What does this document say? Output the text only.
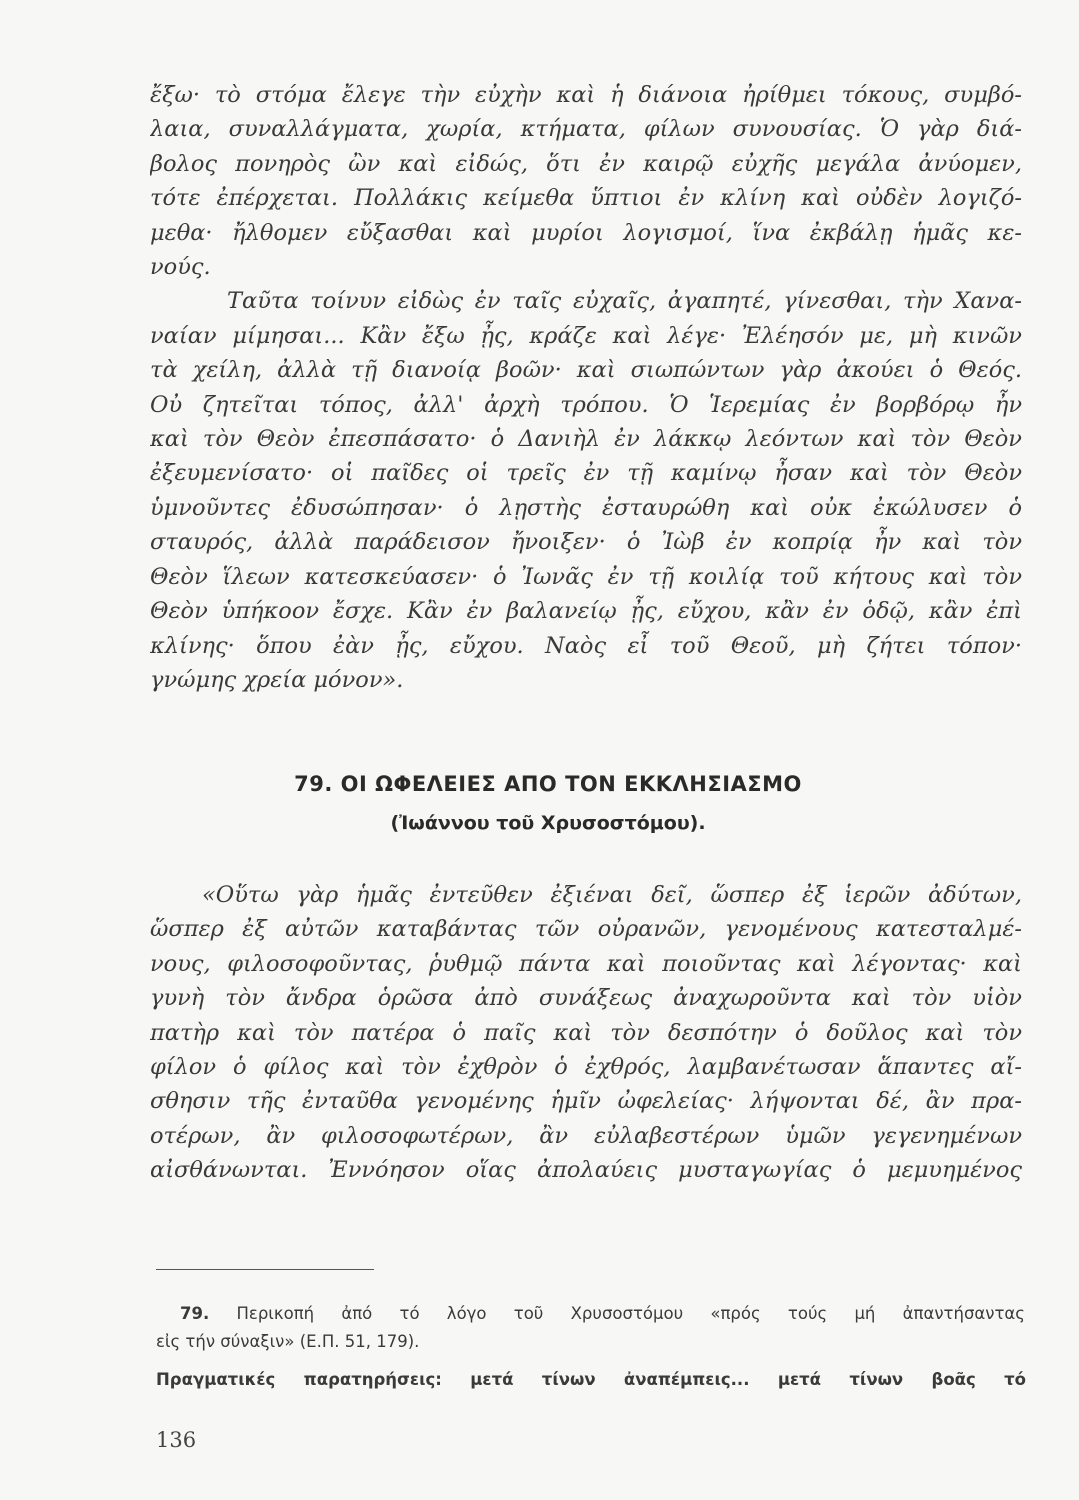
ἔξω· τὸ στόμα ἔλεγε τὴν εὐχὴν καὶ ἡ διάνοια ἠρίθμει τόκους, συμβό-
λαια, συναλλάγματα, χωρία, κτήματα, φίλων συνουσίας. Ὁ γὰρ διά-
βολος πονηρὸς ὢν καὶ εἰδώς, ὅτι ἐν καιρῷ εὐχῆς μεγάλα ἀνύομεν,
τότε ἐπέρχεται. Πολλάκις κείμεθα ὕπτιοι ἐν κλίνη καὶ οὐδὲν λογιζό-
μεθα· ἤλθομεν εὔξασθαι καὶ μυρίοι λογισμοί, ἵνα ἐκβάλῃ ἡμᾶς κε-
νούς.
Ταῦτα τοίνυν εἰδὼς ἐν ταῖς εὐχαῖς, ἀγαπητέ, γίνεσθαι, τὴν Χανα-
ναίαν μίμησαι... Κἂν ἔξω ᾖς, κράζε καὶ λέγε· Ἐλέησόν με, μὴ κινῶν
τὰ χείλη, ἀλλὰ τῇ διανοίᾳ βοῶν· καὶ σιωπώντων γὰρ ἀκούει ὁ Θεός.
Οὐ ζητεῖται τόπος, ἀλλ' ἀρχὴ τρόπου. Ὁ Ἱερεμίας ἐν βορβόρῳ ἦν
καὶ τὸν Θεὸν ἐπεσπάσατο· ὁ Δανιὴλ ἐν λάκκῳ λεόντων καὶ τὸν Θεὸν
ἐξευμενίσατο· οἱ παῖδες οἱ τρεῖς ἐν τῇ καμίνῳ ἦσαν καὶ τὸν Θεὸν
ὑμνοῦντες ἐδυσώπησαν· ὁ λῃστὴς ἐσταυρώθη καὶ οὐκ ἐκώλυσεν ὁ
σταυρός, ἀλλὰ παράδεισον ἤνοιξεν· ὁ Ἰὼβ ἐν κοπρίᾳ ἦν καὶ τὸν
Θεὸν ἵλεων κατεσκεύασεν· ὁ Ἰωνᾶς ἐν τῇ κοιλίᾳ τοῦ κήτους καὶ τὸν
Θεὸν ὑπήκοον ἔσχε. Κἂν ἐν βαλανείῳ ᾖς, εὔχου, κἂν ἐν ὁδῷ, κἂν ἐπὶ
κλίνης· ὅπου ἐὰν ᾖς, εὔχου. Ναὸς εἶ τοῦ Θεοῦ, μὴ ζήτει τόπον·
γνώμης χρεία μόνον».
79. ΟΙ ΩΦΕΛΕΙΕΣ ΑΠΟ ΤΟΝ ΕΚΚΛΗΣΙΑΣΜΟ
(Ἰωάννου τοῦ Χρυσοστόμου).
«Οὕτω γὰρ ἡμᾶς ἐντεῦθεν ἐξιέναι δεῖ, ὥσπερ ἐξ ἱερῶν ἀδύτων,
ὥσπερ ἐξ αὐτῶν καταβάντας τῶν οὐρανῶν, γενομένους κατεσταλμέ-
νους, φιλοσοφοῦντας, ῥυθμῷ πάντα καὶ ποιοῦντας καὶ λέγοντας· καὶ
γυνὴ τὸν ἄνδρα ὁρῶσα ἀπὸ συνάξεως ἀναχωροῦντα καὶ τὸν υἱὸν
πατὴρ καὶ τὸν πατέρα ὁ παῖς καὶ τὸν δεσπότην ὁ δοῦλος καὶ τὸν
φίλον ὁ φίλος καὶ τὸν ἐχθρὸν ὁ ἐχθρός, λαμβανέτωσαν ἅπαντες αἴ-
σθησιν τῆς ἐνταῦθα γενομένης ἡμῖν ὠφελείας· λήψονται δέ, ἂν πρα-
οτέρων, ἂν φιλοσοφωτέρων, ἂν εὐλαβεστέρων ὑμῶν γεγενημένων
αἰσθάνωνται. Ἐννόησον οἵας ἀπολαύεις μυσταγωγίας ὁ μεμυημένος
79. Περικοπή ἀπό τό λόγο τοῦ Χρυσοστόμου «πρός τούς μή ἀπαντήσαντας
εἰς τήν σύναξιν» (Ε.Π. 51, 179).
Πραγματικές παρατηρήσεις: μετά τίνων ἀναπέμπεις... μετά τίνων βοᾶς τό
136
